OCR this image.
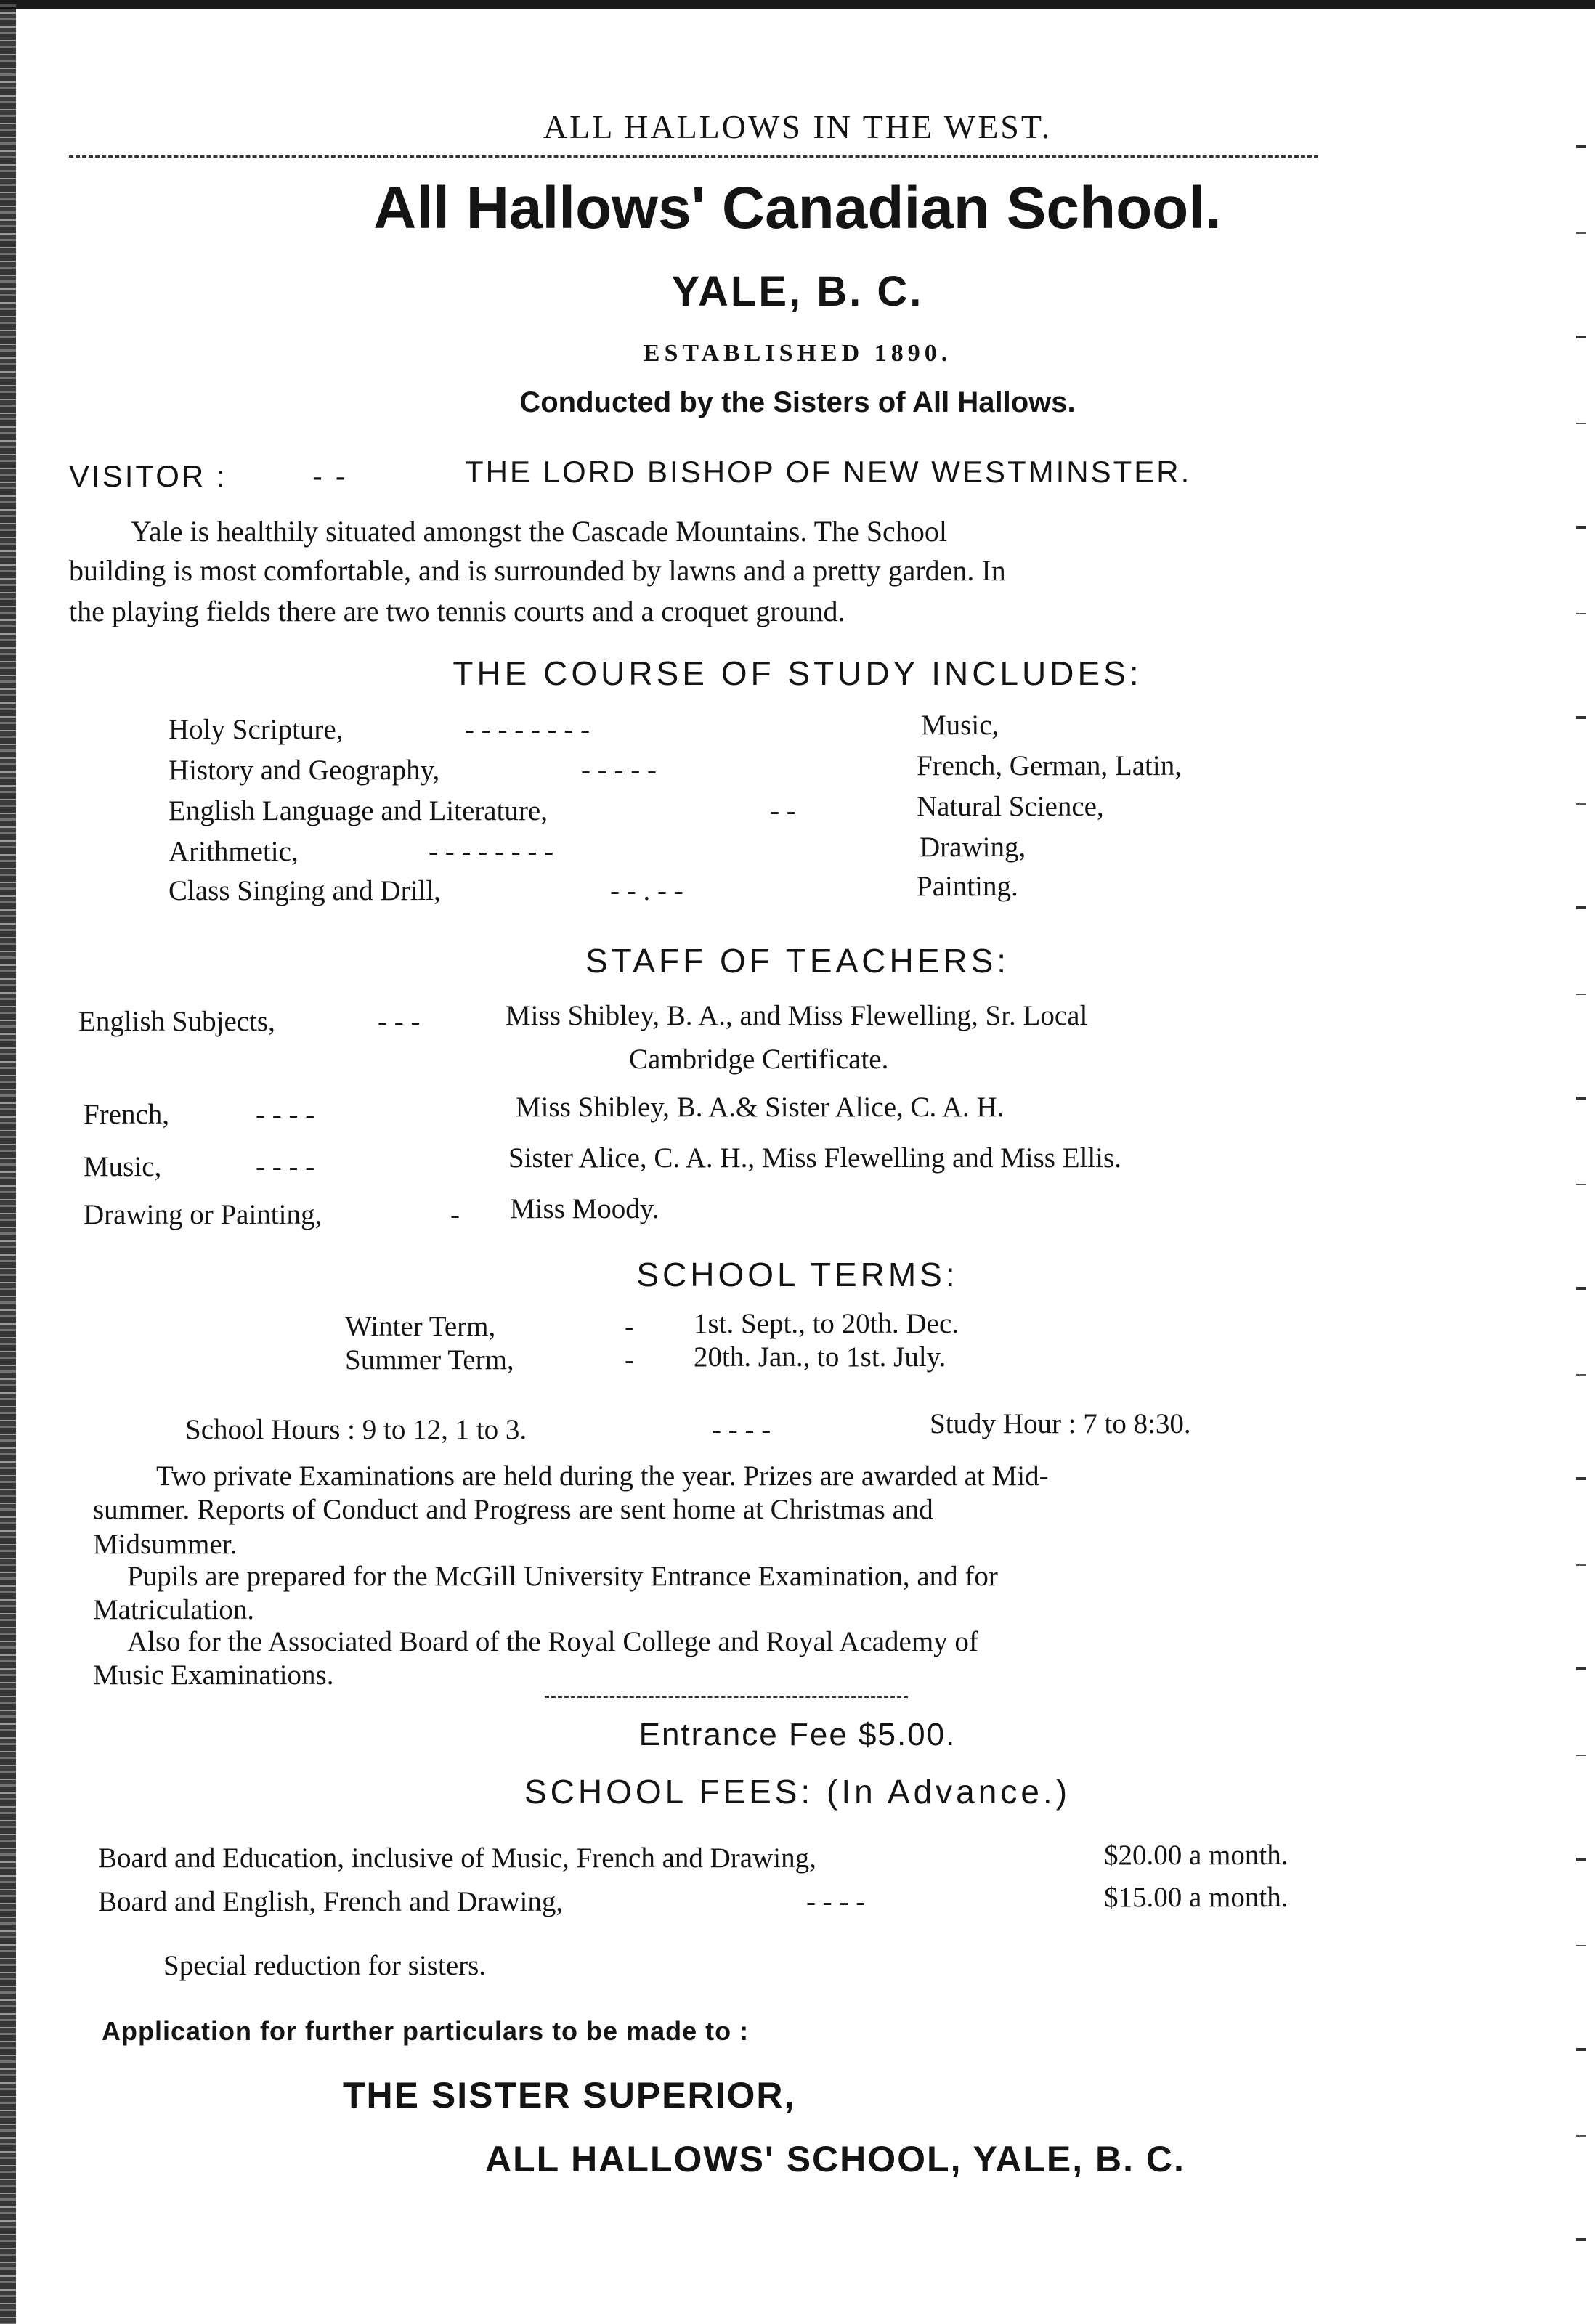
ALL HALLOWS IN THE WEST.
All Hallows' Canadian School.
YALE, B. C.
ESTABLISHED 1890.
Conducted by the Sisters of All Hallows.
VISITOR :	- -	THE LORD BISHOP OF NEW WESTMINSTER.
Yale is healthily situated amongst the Cascade Mountains. The School
building is most comfortable, and is surrounded by lawns and a pretty garden. In
the playing fields there are two tennis courts and a croquet ground.
THE COURSE OF STUDY INCLUDES:
Holy Scripture,	- - - - - - - -	Music,
History and Geography,	- - - - -	French, German, Latin,
English Language and Literature,	- -	Natural Science,
Arithmetic,	- - - - - - - -	Drawing,
Class Singing and Drill,	- - . - -	Painting.
STAFF OF TEACHERS:
English Subjects,	- - -	Miss Shibley, B. A., and Miss Flewelling, Sr. Local
Cambridge Certificate.
French,	- - - -	Miss Shibley, B. A.& Sister Alice, C. A. H.
Music,	- - - -	Sister Alice, C. A. H., Miss Flewelling and Miss Ellis.
Drawing or Painting,	- Miss Moody.
SCHOOL TERMS:
Winter Term,	- 1st. Sept., to 20th. Dec.
Summer Term,	- 20th. Jan., to 1st. July.
School Hours : 9 to 12, 1 to 3.	- - - -	Study Hour : 7 to 8:30.
Two private Examinations are held during the year. Prizes are awarded at Mid-
summer. Reports of Conduct and Progress are sent home at Christmas and
Midsummer.
Pupils are prepared for the McGill University Entrance Examination, and for
Matriculation.
Also for the Associated Board of the Royal College and Royal Academy of
Music Examinations.
Entrance Fee $5.00.
SCHOOL FEES: (In Advance.)
Board and Education, inclusive of Music, French and Drawing,	$20.00 a month.
Board and English, French and Drawing,	- - - -	$15.00 a month.
Special reduction for sisters.
Application for further particulars to be made to :
THE SISTER SUPERIOR,
ALL HALLOWS' SCHOOL, YALE, B. C.
